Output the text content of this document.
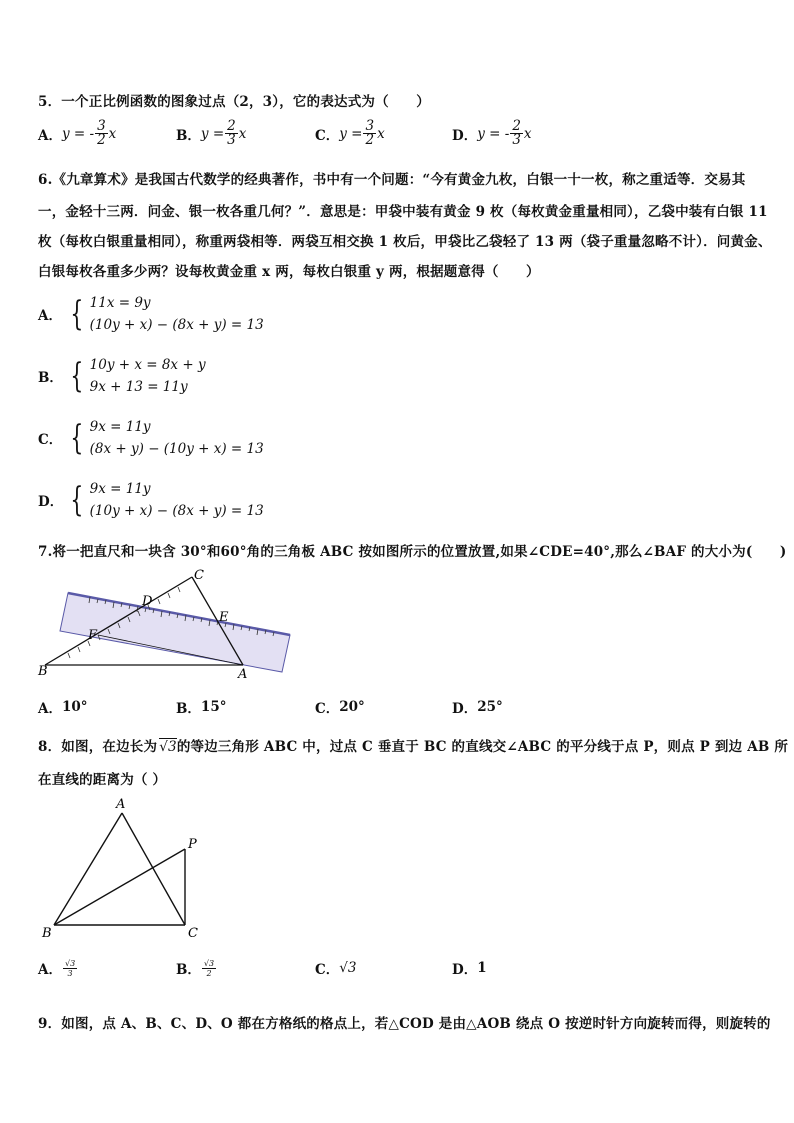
5．一个正比例函数的图象过点（2，3），它的表达式为（　　）
A． y = - $\frac{3}{2}$ x	B． $y = \frac{2}{3}$ x	C． $y = \frac{3}{2}$ x	D． y = - $\frac{2}{3}$ x
6.《九章算术》是我国古代数学的经典著作，书中有一个问题：“今有黄金九枚，白银一十一枚，称之重适等．交易其
一，金轻十三两．问金、银一枚各重几何？”．意思是：甲袋中装有黄金 9 枚（每枚黄金重量相同），乙袋中装有白银 11
枚（每枚白银重量相同），称重两袋相等．两袋互相交换 1 枚后，甲袋比乙袋轻了 13 两（袋子重量忽略不计）．问黄金、
白银每枚各重多少两？设每枚黄金重 x 两，每枚白银重 y 两，根据题意得（　　）
A． { 11x = 9y
(10y + x) − (8x + y) = 13
B． { 10y + x = 8x + y
9x + 13 = 11y
C． { 9x = 11y
(8x + y) − (10y + x) = 13
D． { 9x = 11y
(10y + x) − (8x + y) = 13
7.将一把直尺和一块含 30°和60°角的三角板 ABC 按如图所示的位置放置,如果∠CDE=40°,那么∠BAF 的大小为(　　)
C
D
E
F
B	A
A． 10°	B． 15°	C． 20°	D． 25°
8．如图，在边长为 √3的等边三角形 ABC 中，过点 C 垂直于 BC 的直线交∠ABC 的平分线于点 P，则点 P 到边 AB 所
在直线的距离为（ ）
A
P
B	C
A． $\frac{√3}{3}$	B． $\frac{√3}{2}$	C． √3	D． 1
9．如图，点 A、B、C、D、O 都在方格纸的格点上，若△COD 是由△AOB 绕点 O 按逆时针方向旋转而得，则旋转的
